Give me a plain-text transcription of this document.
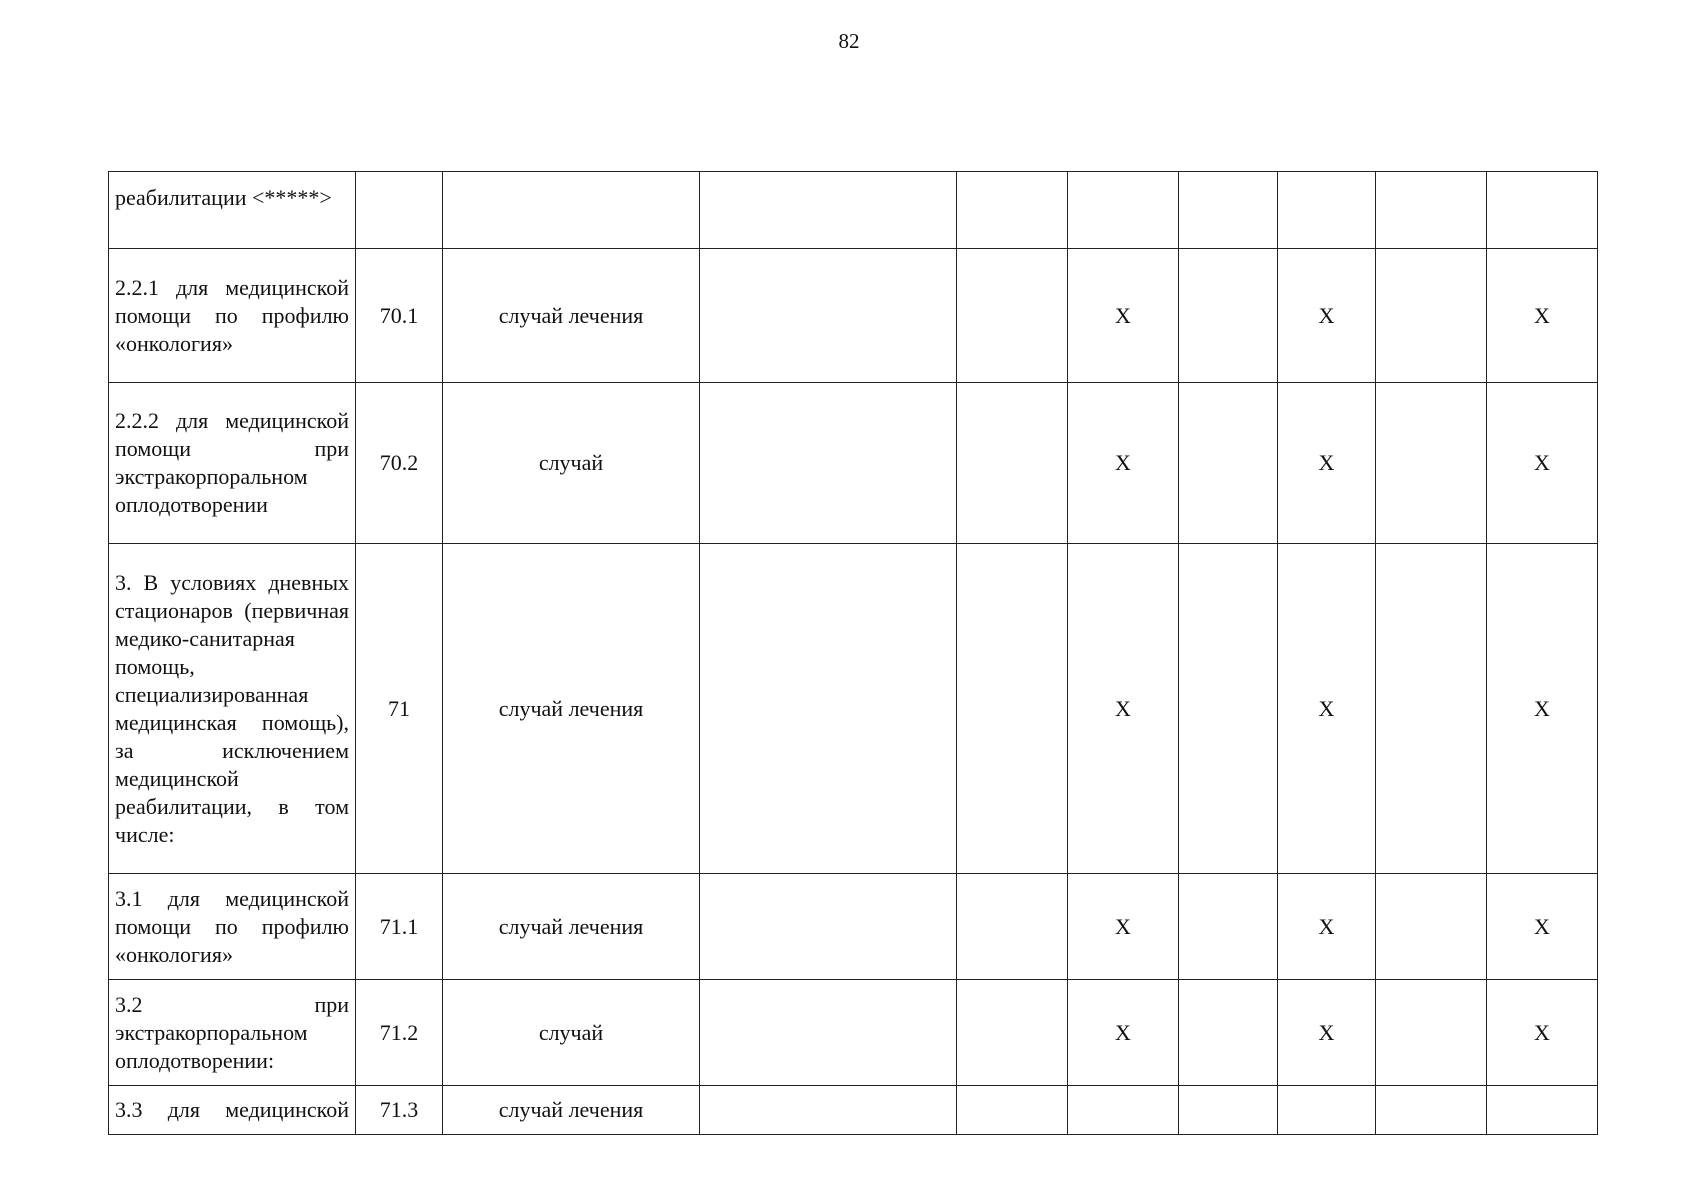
82
реабилитации <*****>									
2.2.1 для медицинской помощи по профилю «онкология»	70.1	случай лечения			X		X		X
2.2.2 для медицинской помощи при экстракорпоральном оплодотворении	70.2	случай			X		X		X
3. В условиях дневных стационаров (первичная медико-санитарная помощь, специализированная медицинская помощь), за исключением медицинской реабилитации, в том числе:	71	случай лечения			X		X		X
3.1 для медицинской помощи по профилю «онкология»	71.1	случай лечения			X		X		X
3.2 при экстракорпоральном оплодотворении:	71.2	случай			X		X		X
3.3 для медицинской	71.3	случай лечения							
